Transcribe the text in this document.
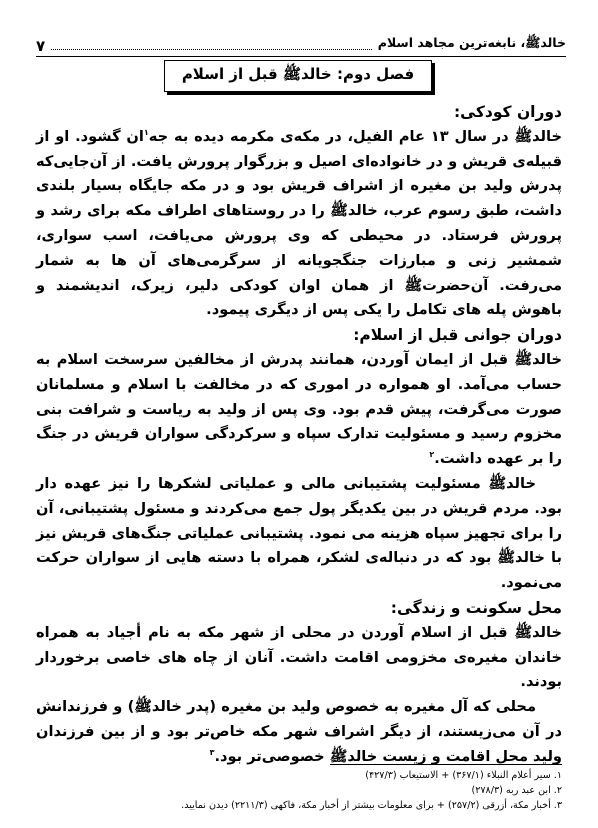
خالدﷺ، نابغه‌ترین مجاهد اسلام
۷
فصل دوم: خالدﷺ قبل از اسلام
دوران کودکی:

خالدﷺ در سال ۱۳ عام الفیل، در مکه‌ی مکرمه دیده به جه$^۱$ان گشود. او از قبیله‌ی قریش و در خانواده‌ای اصیل و بزرگوار پرورش یافت. از آن‌جایی‌که پدرش ولید بن مغیره از اشراف قریش بود و در مکه جایگاه بسیار بلندی داشت، طبق رسوم عرب، خالدﷺ را در روستاهای اطراف مکه برای رشد و پرورش فرستاد. در محیطی که وی پرورش می‌یافت، اسب سواری، شمشیر زنی و مبارزات جنگجویانه از سرگرمی‌های آن ها به شمار می‌رفت. آن‌حضرتﷺ از همان اوان کودکی دلیر، زیرک، اندیشمند و باهوش پله های تکامل را یکی پس از دیگری پیمود.

دوران جوانی قبل از اسلام:

خالدﷺ قبل از ایمان آوردن، همانند پدرش از مخالفین سرسخت اسلام به حساب می‌آمد. او همواره در اموری که در مخالفت با اسلام و مسلمانان صورت می‌گرفت، پیش قدم بود. وی پس از ولید به ریاست و شرافت بنی مخزوم رسید و مسئولیت تدارک سپاه و سرکردگی سواران قریش در جنگ را بر عهده داشت.$^۲$

خالدﷺ مسئولیت پشتیبانی مالی و عملیاتی لشکرها را نیز عهده دار بود. مردم قریش در بین یکدیگر پول جمع می‌کردند و مسئول پشتیبانی، آن را برای تجهیز سپاه هزینه می نمود. پشتیبانی عملیاتی جنگ‌های قریش نیز با خالدﷺ بود که در دنباله‌ی لشکر، همراه با دسته هایی از سواران حرکت می‌نمود.

محل سکونت و زندگی:

خالدﷺ قبل از اسلام آوردن در محلی از شهر مکه به نام أجیاد به همراه خاندان مغیره‌ی مخزومی اقامت داشت. آنان از چاه های خاصی برخوردار بودند.

محلی که آل مغیره به خصوص ولید بن مغیره (پدر خالدﷺ) و فرزندانش در آن می‌زیستند، از دیگر اشراف شهر مکه خاص‌تر بود و از بین فرزندان ولید محل اقامت و زیست خالدﷺ خصوصی‌تر بود.$^۳$

۱. سیر أعلام النبلاء (۳۶۷/۱) + الاستیعاب (۴۲۷/۳)

۲. ابن عبد ربه (۲۷۸/۳)

۳. أخبار مکة، أزرقی (۲۵۷/۲) + برای معلومات بیشتر از أخبار مکة، فاکهی (۲۲۱۱/۳) دیدن نمایید.
